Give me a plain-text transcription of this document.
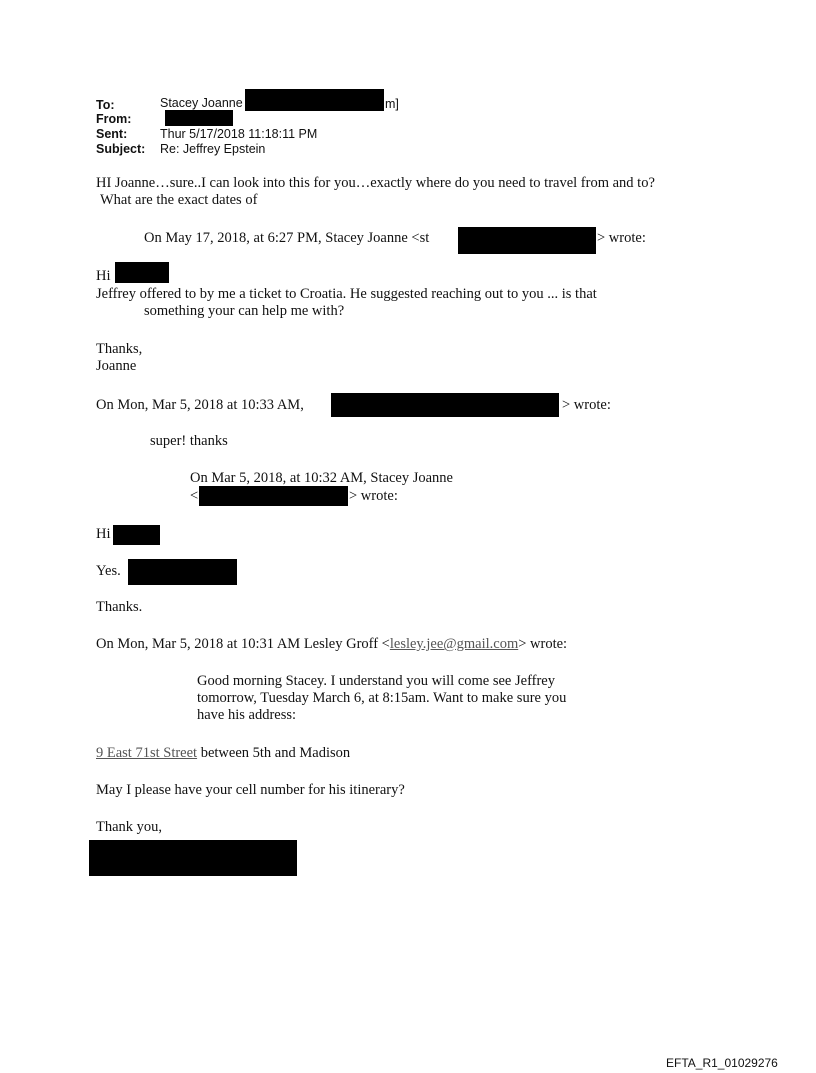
To:	Stacey Joanne	m]
From:
Sent:	Thur 5/17/2018 11:18:11 PM
Subject: Re: Jeffrey Epstein
HI Joanne…sure..I can look into this for you…exactly where do you need to travel from and to?
What are the exact dates of
On May 17, 2018, at 6:27 PM, Stacey Joanne <st	> wrote:
Hi
Jeffrey offered to by me a ticket to Croatia. He suggested reaching out to you ... is that
something your can help me with?
Thanks,
Joanne
On Mon, Mar 5, 2018 at 10:33 AM,	> wrote:
super! thanks
On Mar 5, 2018, at 10:32 AM, Stacey Joanne
<	> wrote:
Hi
Yes.
Thanks.
On Mon, Mar 5, 2018 at 10:31 AM Lesley Groff <lesley.jee@gmail.com> wrote:
Good morning Stacey. I understand you will come see Jeffrey
tomorrow, Tuesday March 6, at 8:15am. Want to make sure you
have his address:
9 East 71st Street between 5th and Madison
May I please have your cell number for his itinerary?
Thank you,
EFTA_R1_01029276
